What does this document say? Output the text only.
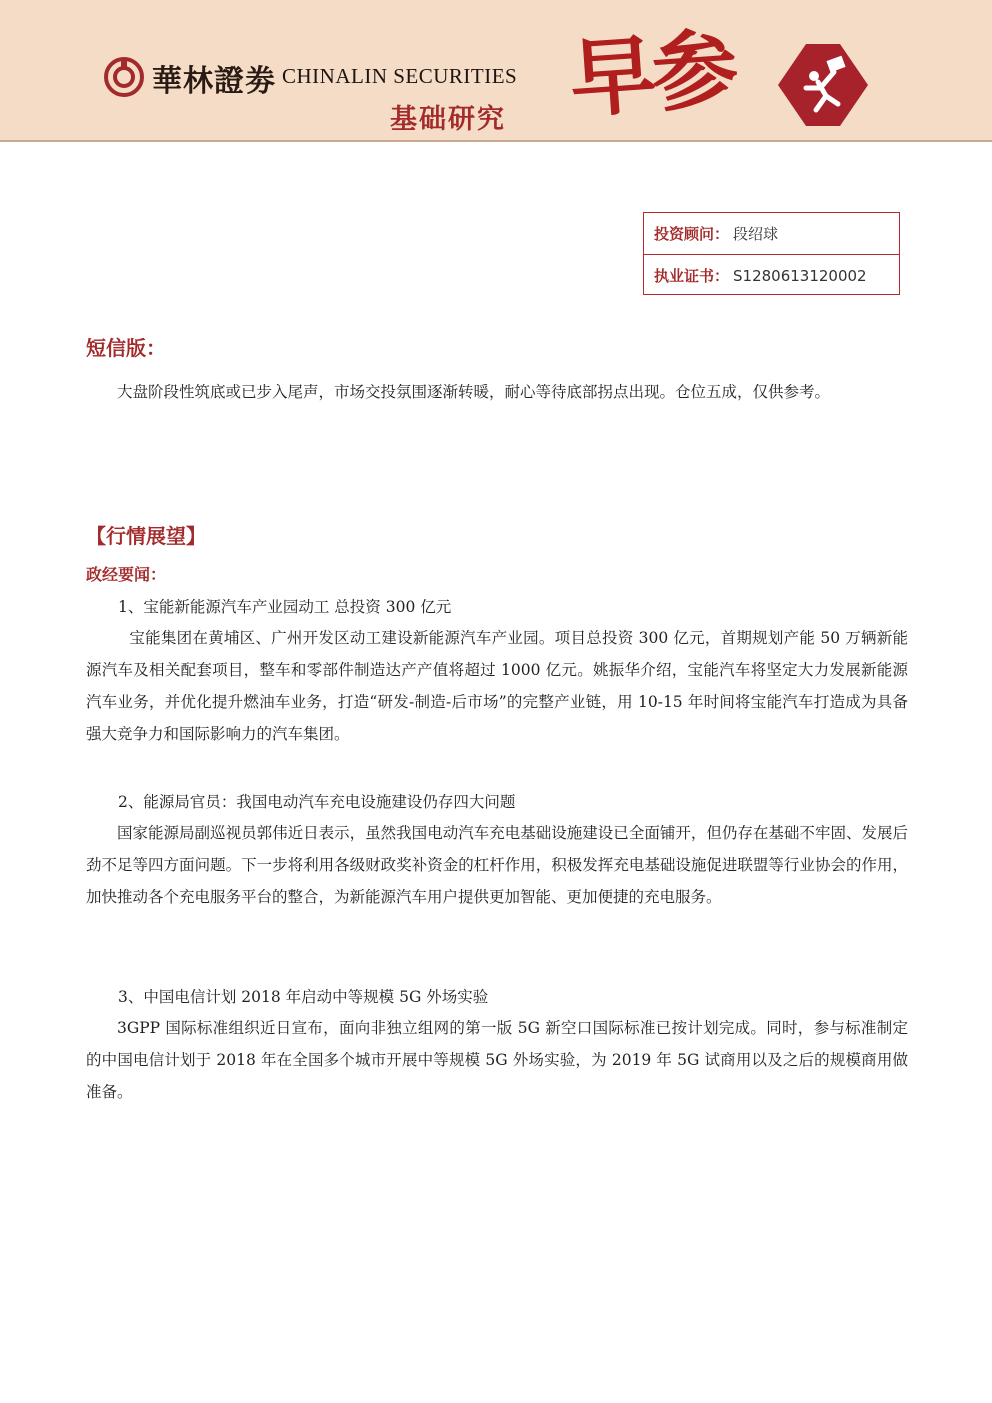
華林證劵 CHINALIN SECURITIES
基础研究 早参
投资顾问： 段绍球
执业证书： S1280613120002
短信版：

大盘阶段性筑底或已步入尾声，市场交投氛围逐渐转暖，耐心等待底部拐点出现。仓位五成，仅供参考。

【行情展望】
政经要闻：

1、宝能新能源汽车产业园动工 总投资 300 亿元

宝能集团在黄埔区、广州开发区动工建设新能源汽车产业园。项目总投资 300 亿元，首期规划产能 50 万辆新能源汽车及相关配套项目，整车和零部件制造达产产值将超过 1000 亿元。姚振华介绍，宝能汽车将坚定大力发展新能源汽车业务，并优化提升燃油车业务，打造“研发-制造-后市场”的完整产业链，用 10-15 年时间将宝能汽车打造成为具备强大竞争力和国际影响力的汽车集团。

2、能源局官员：我国电动汽车充电设施建设仍存四大问题

国家能源局副巡视员郭伟近日表示，虽然我国电动汽车充电基础设施建设已全面铺开，但仍存在基础不牢固、发展后劲不足等四方面问题。下一步将利用各级财政奖补资金的杠杆作用，积极发挥充电基础设施促进联盟等行业协会的作用，加快推动各个充电服务平台的整合，为新能源汽车用户提供更加智能、更加便捷的充电服务。

3、中国电信计划 2018 年启动中等规模 5G 外场实验

3GPP 国际标准组织近日宣布，面向非独立组网的第一版 5G 新空口国际标准已按计划完成。同时，参与标准制定的中国电信计划于 2018 年在全国多个城市开展中等规模 5G 外场实验，为 2019 年 5G 试商用以及之后的规模商用做准备。
